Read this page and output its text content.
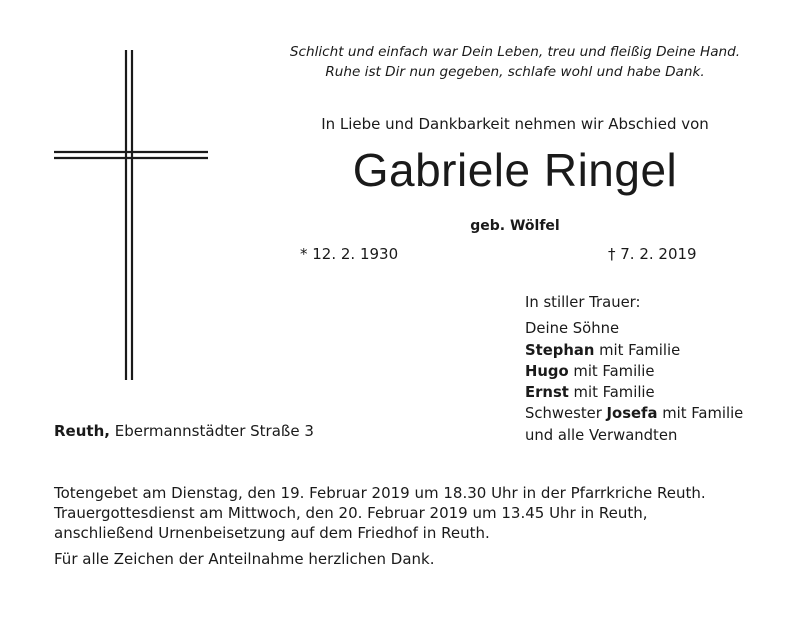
Schlicht und einfach war Dein Leben, treu und fleißig Deine Hand.
Ruhe ist Dir nun gegeben, schlafe wohl und habe Dank.
In Liebe und Dankbarkeit nehmen wir Abschied von
Gabriele Ringel
geb. Wölfel
* 12. 2. 1930	† 7. 2. 2019
In stiller Trauer:
Deine Söhne
Stephan mit Familie
Hugo mit Familie
Ernst mit Familie
Schwester Josefa mit Familie
und alle Verwandten
Reuth, Ebermannstädter Straße 3
Totengebet am Dienstag, den 19. Februar 2019 um 18.30 Uhr in der Pfarrkriche Reuth.
Trauergottesdienst am Mittwoch, den 20. Februar 2019 um 13.45 Uhr in Reuth,
anschließend Urnenbeisetzung auf dem Friedhof in Reuth.
Für alle Zeichen der Anteilnahme herzlichen Dank.
